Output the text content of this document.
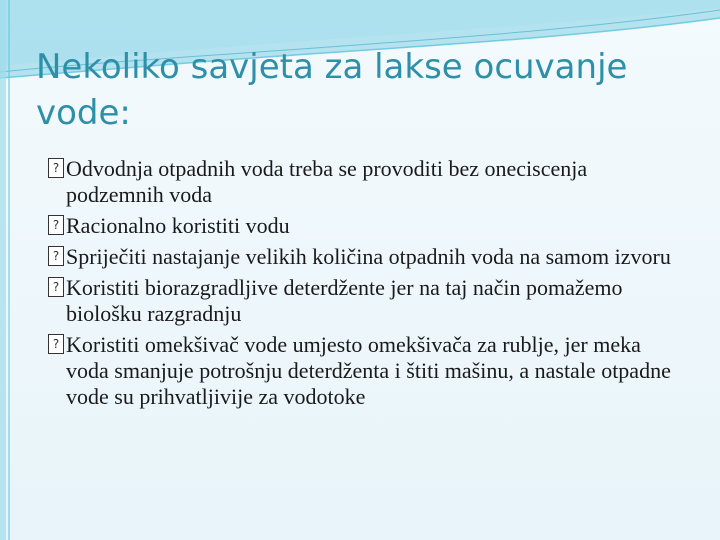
Nekoliko savjeta za lakse ocuvanje vode:
? Odvodnja otpadnih voda treba se provoditi bez oneciscenja podzemnih voda
? Racionalno koristiti vodu
? Spriječiti nastajanje velikih količina otpadnih voda na samom izvoru
? Koristiti biorazgradljive deterdžente jer na taj način pomažemo biološku razgradnju
? Koristiti omekšivač vode umjesto omekšivača za rublje, jer meka voda smanjuje potrošnju deterdženta i štiti mašinu, a nastale otpadne vode su prihvatljivije za vodotoke
